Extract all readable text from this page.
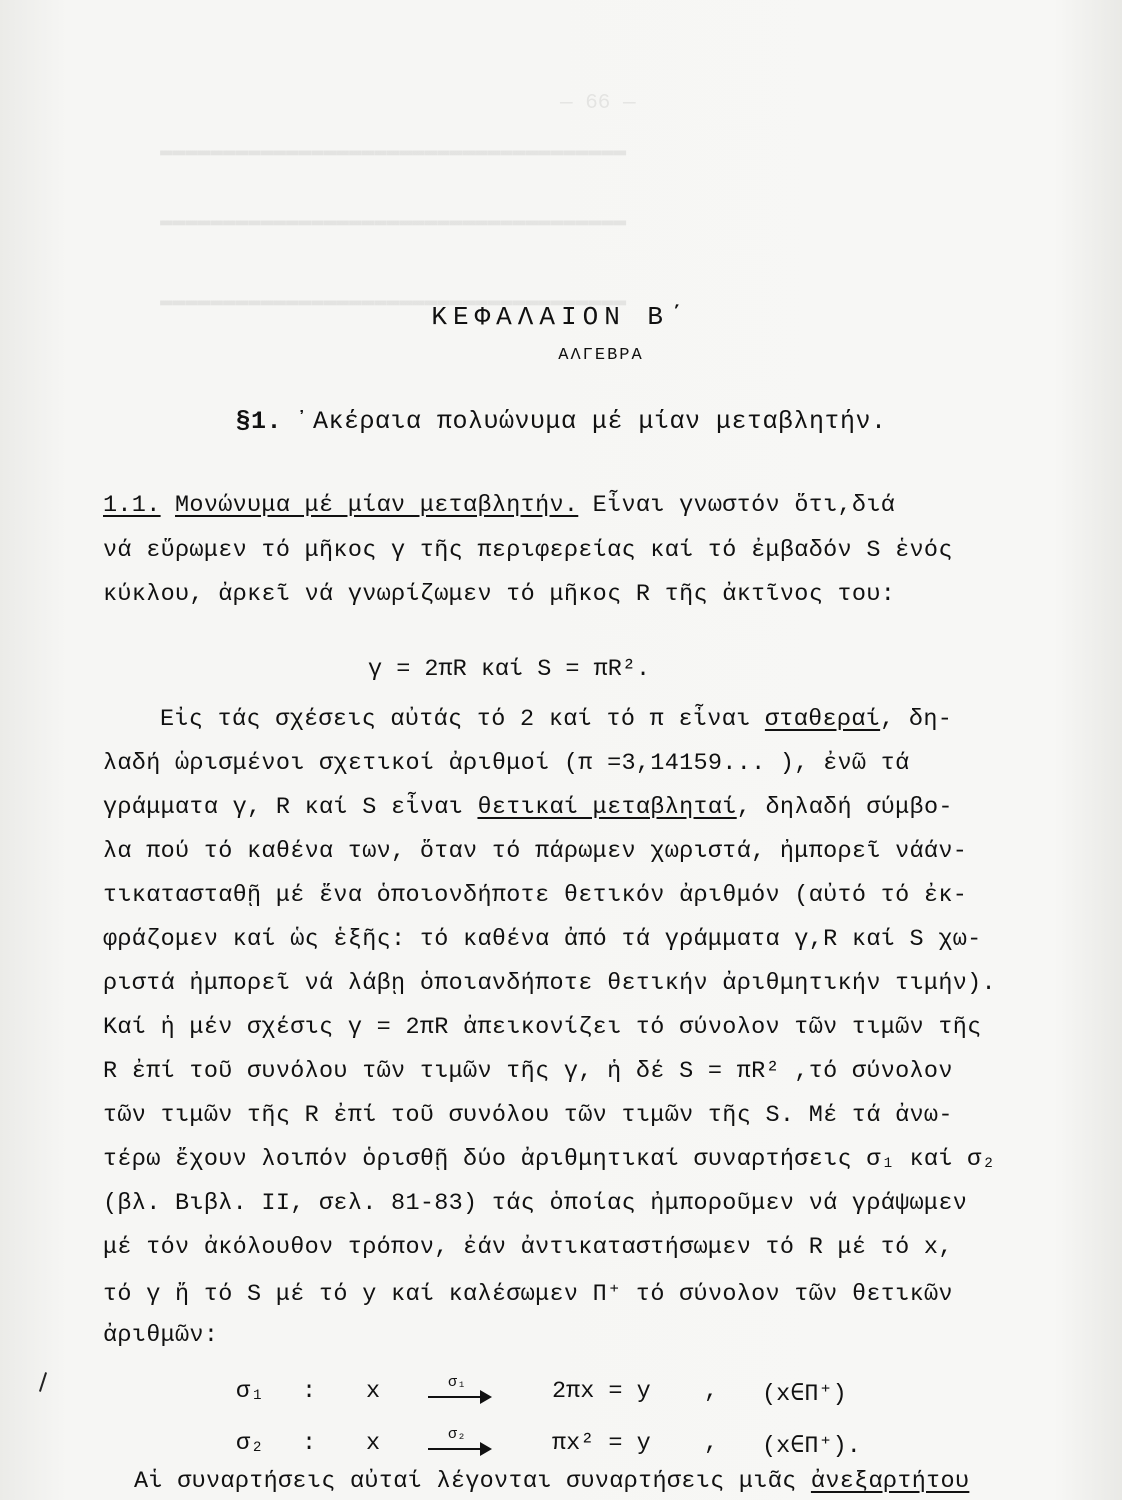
— 66 —
▬▬▬▬▬▬▬▬▬▬▬▬▬▬▬▬▬▬▬▬▬▬▬▬▬▬▬▬▬▬▬▬▬▬▬▬▬
▬▬▬▬▬▬▬▬▬▬▬▬▬▬▬▬▬▬▬▬▬▬▬▬▬▬▬▬▬▬▬▬▬▬▬▬▬
▬▬▬▬▬▬▬▬▬▬▬▬▬▬▬▬▬▬▬▬▬▬▬▬▬▬▬▬▬▬▬▬▬▬▬▬▬
ΚΕΦΑΛΑΙΟΝ Β΄
ΑΛΓΕΒΡΑ
§1. ᾿Ακέραια πολυώνυμα μέ μίαν μεταβλητήν.
1.1. Μονώνυμα μέ μίαν μεταβλητήν. Εἶναι γνωστόν ὅτι,διά
νά εὕρωμεν τό μῆκος γ τῆς περιφερείας καί τό ἐμβαδόν S ἑνός
κύκλου, ἀρκεῖ νά γνωρίζωμεν τό μῆκος R τῆς ἀκτῖνος του:
γ = 2πR καί S = πR².
Εἰς τάς σχέσεις αὐτάς τό 2 καί τό π εἶναι σταθεραί, δη-
λαδή ὡρισμένοι σχετικοί ἀριθμοί (π =3,14159... ), ἐνῶ τά
γράμματα γ, R καί S εἶναι θετικαί μεταβληταί, δηλαδή σύμβο-
λα πού τό καθένα των, ὅταν τό πάρωμεν χωριστά, ἠμπορεῖ νάάν-
τικατασταθῇ μέ ἕνα ὁποιονδήποτε θετικόν ἀριθμόν (αὐτό τό ἐκ-
φράζομεν καί ὡς ἑξῆς: τό καθένα ἀπό τά γράμματα γ,R καί S χω-
ριστά ἠμπορεῖ νά λάβῃ ὁποιανδήποτε θετικήν ἀριθμητικήν τιμήν).
Καί ἡ μέν σχέσις γ = 2πR ἀπεικονίζει τό σύνολον τῶν τιμῶν τῆς
R ἐπί τοῦ συνόλου τῶν τιμῶν τῆς γ, ἡ δέ S = πR² ,τό σύνολον
τῶν τιμῶν τῆς R ἐπί τοῦ συνόλου τῶν τιμῶν τῆς S. Μέ τά ἀνω-
τέρω ἔχουν λοιπόν ὁρισθῇ δύο ἀριθμητικαί συναρτήσεις σ₁ καί σ₂
(βλ. Βιβλ. ΙΙ, σελ. 81-83) τάς ὁποίας ἠμποροῦμεν νά γράψωμεν
μέ τόν ἀκόλουθον τρόπον, ἐάν ἀντικαταστήσωμεν τό R μέ τό x,
τό γ ἤ τό S μέ τό y καί καλέσωμεν Π⁺ τό σύνολον τῶν θετικῶν
ἀριθμῶν:
σ₁ : x	σ₁	2πx = y , (x∈Π⁺)
σ₂ : x	σ₂	πx² = y , (x∈Π⁺).
Αἱ συναρτήσεις αὐταί λέγονται συναρτήσεις μιᾶς ἀνεξαρτήτου
